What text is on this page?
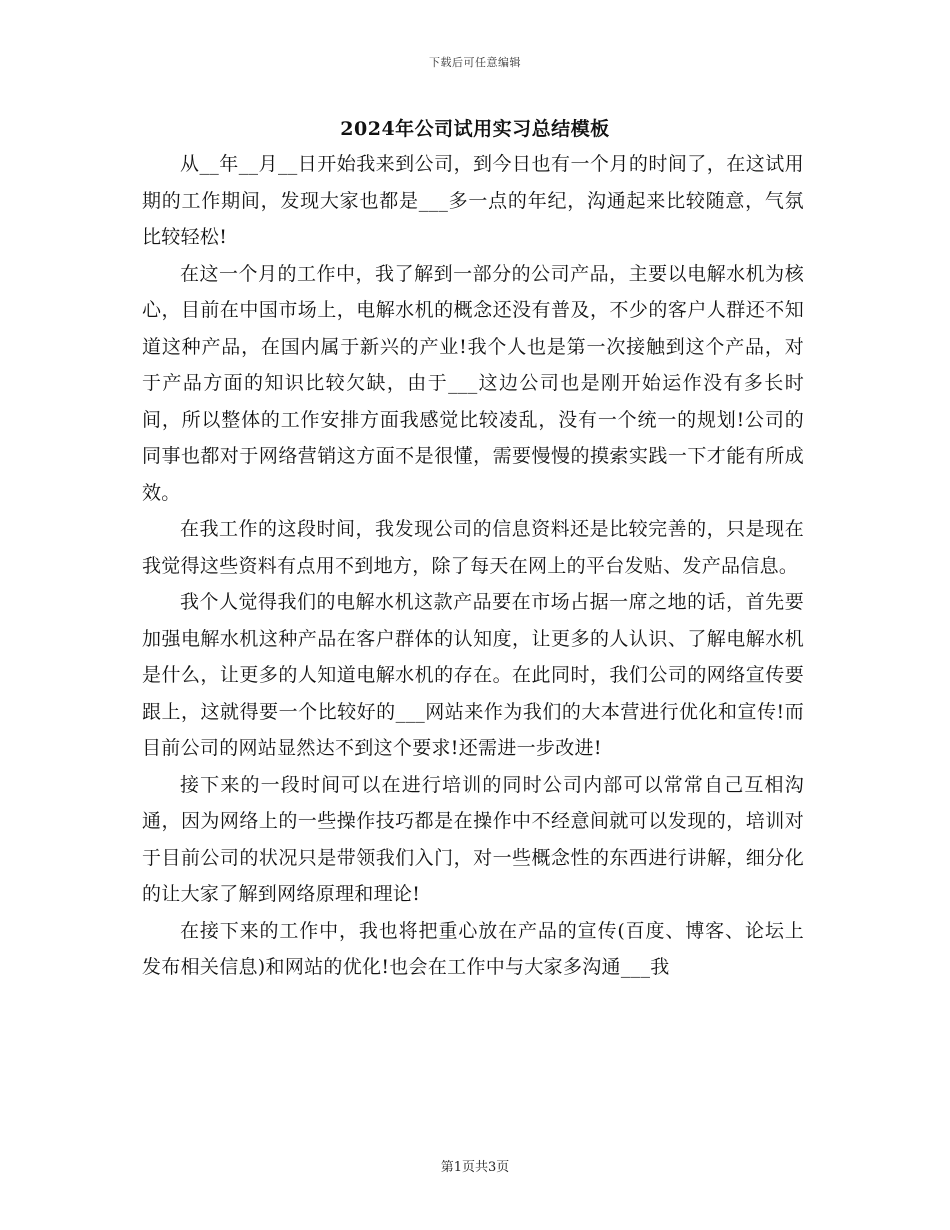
下载后可任意编辑
2024年公司试用实习总结模板

从__年__月__日开始我来到公司，到今日也有一个月的时间了，在这试用期的工作期间，发现大家也都是___多一点的年纪，沟通起来比较随意，气氛比较轻松!

在这一个月的工作中，我了解到一部分的公司产品，主要以电解水机为核心，目前在中国市场上，电解水机的概念还没有普及，不少的客户人群还不知道这种产品，在国内属于新兴的产业!我个人也是第一次接触到这个产品，对于产品方面的知识比较欠缺，由于___这边公司也是刚开始运作没有多长时间，所以整体的工作安排方面我感觉比较凌乱，没有一个统一的规划!公司的同事也都对于网络营销这方面不是很懂，需要慢慢的摸索实践一下才能有所成效。

在我工作的这段时间，我发现公司的信息资料还是比较完善的，只是现在我觉得这些资料有点用不到地方，除了每天在网上的平台发贴、发产品信息。

我个人觉得我们的电解水机这款产品要在市场占据一席之地的话，首先要加强电解水机这种产品在客户群体的认知度，让更多的人认识、了解电解水机是什么，让更多的人知道电解水机的存在。在此同时，我们公司的网络宣传要跟上，这就得要一个比较好的___网站来作为我们的大本营进行优化和宣传!而目前公司的网站显然达不到这个要求!还需进一步改进!

接下来的一段时间可以在进行培训的同时公司内部可以常常自己互相沟通，因为网络上的一些操作技巧都是在操作中不经意间就可以发现的，培训对于目前公司的状况只是带领我们入门，对一些概念性的东西进行讲解，细分化的让大家了解到网络原理和理论!

在接下来的工作中，我也将把重心放在产品的宣传(百度、博客、论坛上发布相关信息)和网站的优化!也会在工作中与大家多沟通___我

第1页共3页
